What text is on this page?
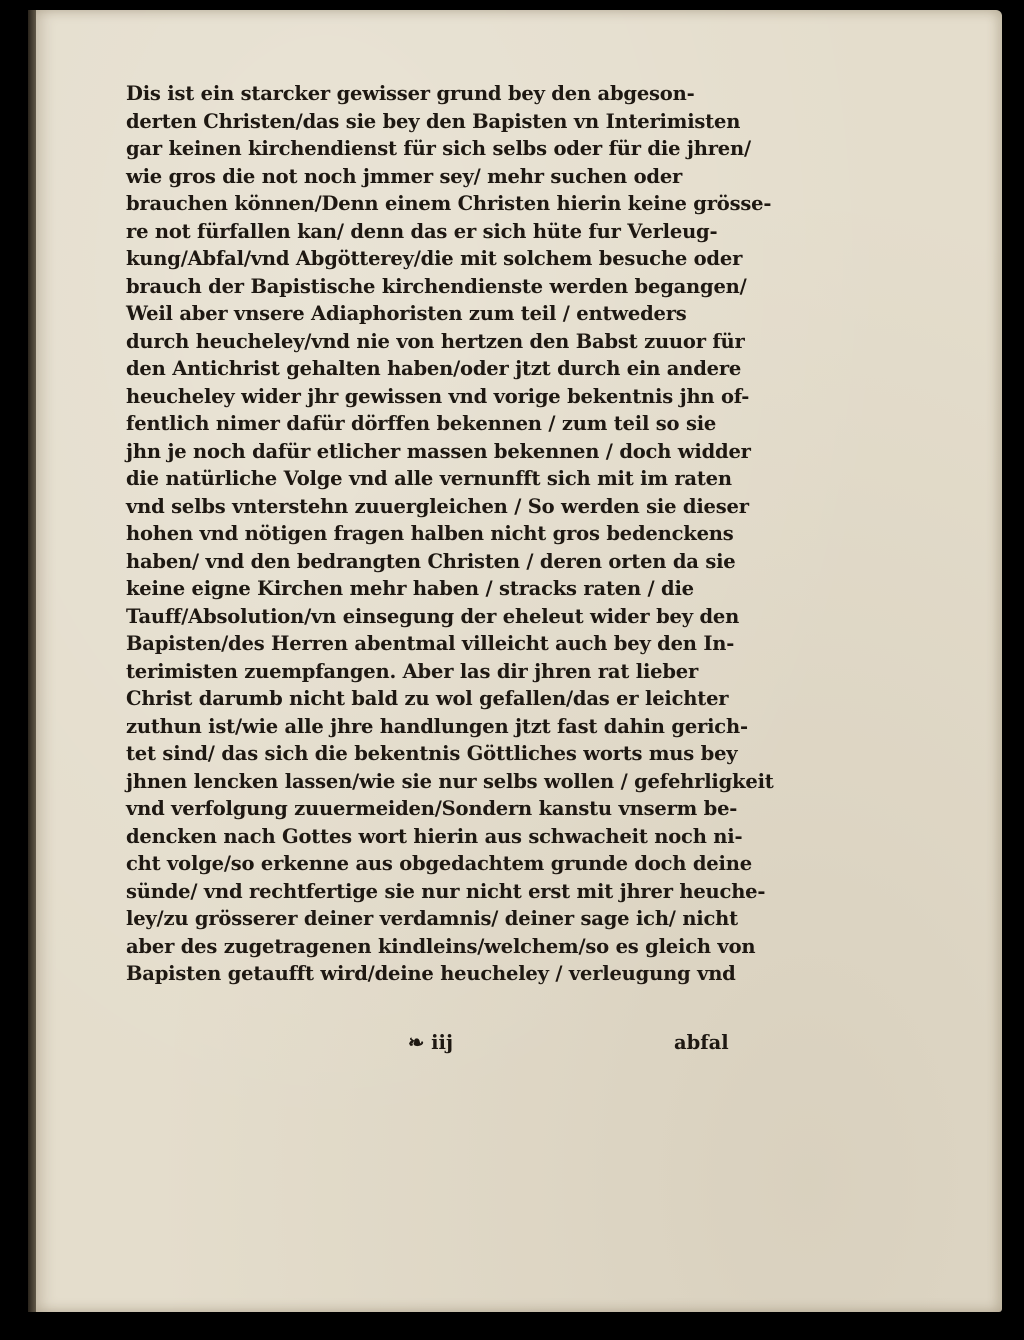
Dis ist ein starcker gewisser grund bey den abgeson-
derten Christen/das sie bey den Bapisten vn Interimisten
gar keinen kirchendienst für sich selbs oder für die jhren/
wie gros die not noch jmmer sey/ mehr suchen oder
brauchen können/Denn einem Christen hierin keine grösse-
re not fürfallen kan/ denn das er sich hüte fur Verleug-
kung/Abfal/vnd Abgötterey/die mit solchem besuche oder
brauch der Bapistische kirchendienste werden begangen/
Weil aber vnsere Adiaphoristen zum teil / entweders
durch heucheley/vnd nie von hertzen den Babst zuuor für
den Antichrist gehalten haben/oder jtzt durch ein andere
heucheley wider jhr gewissen vnd vorige bekentnis jhn of-
fentlich nimer dafür dörffen bekennen / zum teil so sie
jhn je noch dafür etlicher massen bekennen / doch widder
die natürliche Volge vnd alle vernunfft sich mit im raten
vnd selbs vnterstehn zuuergleichen / So werden sie dieser
hohen vnd nötigen fragen halben nicht gros bedenckens
haben/ vnd den bedrangten Christen / deren orten da sie
keine eigne Kirchen mehr haben / stracks raten / die
Tauff/Absolution/vn einsegung der eheleut wider bey den
Bapisten/des Herren abentmal villeicht auch bey den In-
terimisten zuempfangen. Aber las dir jhren rat lieber
Christ darumb nicht bald zu wol gefallen/das er leichter
zuthun ist/wie alle jhre handlungen jtzt fast dahin gerich-
tet sind/ das sich die bekentnis Göttliches worts mus bey
jhnen lencken lassen/wie sie nur selbs wollen / gefehrligkeit
vnd verfolgung zuuermeiden/Sondern kanstu vnserm be-
dencken nach Gottes wort hierin aus schwacheit noch ni-
cht volge/so erkenne aus obgedachtem grunde doch deine
sünde/ vnd rechtfertige sie nur nicht erst mit jhrer heuche-
ley/zu grösserer deiner verdamnis/ deiner sage ich/ nicht
aber des zugetragenen kindleins/welchem/so es gleich von
Bapisten getaufft wird/deine heucheley / verleugung vnd
❧ iij	abfal
